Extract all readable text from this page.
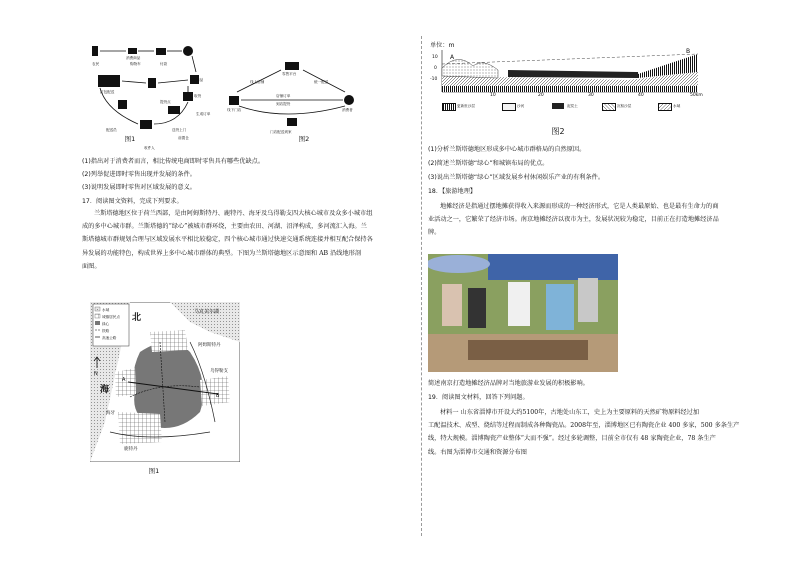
农民
消费商品
购物车	付款
打包配送
配送员
收件人
提货点
取货
商品
送货上门
生成订单
前置仓
图1
线下门店
零售平台
消费者
线上店铺	统一配送
店铺订单
到店提货
门店配送到家
图2
(1)指出对于消费者而言，相比传统电商即时零售具有哪些优缺点。
(2)列举促进即时零售出现并发展的条件。
(3)说明发展即时零售对区域发展的意义。
17．阅读图文资料，完成下列要求。
兰斯塔德地区位于荷兰西部，是由阿姆斯特丹、鹿特丹、海牙及乌得勒支四大核心城市及众多小城市组
成的多中心城市群。兰斯塔德的“绿心”被城市群环绕，主要由农田、河湖、沼泽构成，多河流汇入海。兰
斯塔德城市群规划合理与区域发展水平相比较稳定，四个核心城市通过快速交通系统连接并相互配合保持各
异发展的功能特色，构成世界上多中心城市群体的典型。下图为兰斯塔德地区示意图和 AB 沿线地形剖
面图。
水域
城镇居民点
绿心
铁路
高速公路
马克美尔湖
北
海
N
阿姆斯特丹
A
乌得勒支
海牙
鹿特丹
B
图1
单位：m
10
0
-10
A
B
10	20	30	40	50km
更新世沙层	沙河	泥炭土	沉积沙层	水域
图2
(1)分析兰斯塔德地区形成多中心城市群格局的自然原因。
(2)简述兰斯塔德“绿心”和城镇布局的优点。
(3)说出兰斯塔德“绿心”区域发展乡村休闲娱乐产业的有利条件。
18．【旅游地理】
地摊经济是指通过摆地摊获得收入来源而形成的一种经济形式，它是人类最原始、也是最有生命力的商
业活动之一，它繁荣了经济市场。南京地摊经济以夜市为主，发展状况较为稳定，目前正在打造地摊经济品
牌。
简述南京打造地摊经济品牌对当地旅游业发展的积极影响。
19．阅读图文材料，回答下列问题。
材料一 山东省淄博市开设大约5100年，古地处山东工，史上为主要原料的天然矿物原料经过加
工配温技术、成型、烧结等过程而制成各种陶瓷品。2008年至，淄博地区已有陶瓷企业 400 多家，500 多条生产
线，特大规模。淄博陶瓷产业整体“大而不强”。经过多轮调整，目前全市仅有 48 家陶瓷企业，78 条生产
线。右图为淄博市交通和资源分布图
